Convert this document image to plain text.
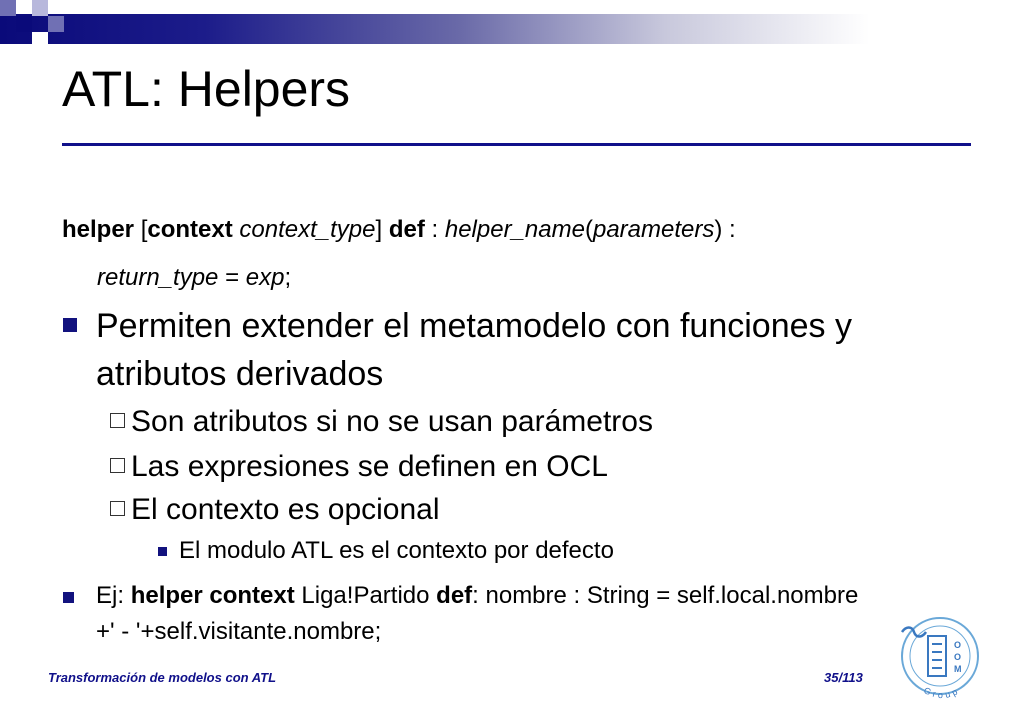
ATL: Helpers
helper [context context_type] def : helper_name(parameters) :
return_type = exp;
Permiten extender el metamodelo con funciones y atributos derivados
Son atributos si no se usan parámetros
Las expresiones se definen en OCL
El contexto es opcional
El modulo ATL es el contexto por defecto
Ej: helper context Liga!Partido def: nombre : String = self.local.nombre +' - '+self.visitante.nombre;
Transformación de modelos con ATL	35/113
Group
O
O
M
